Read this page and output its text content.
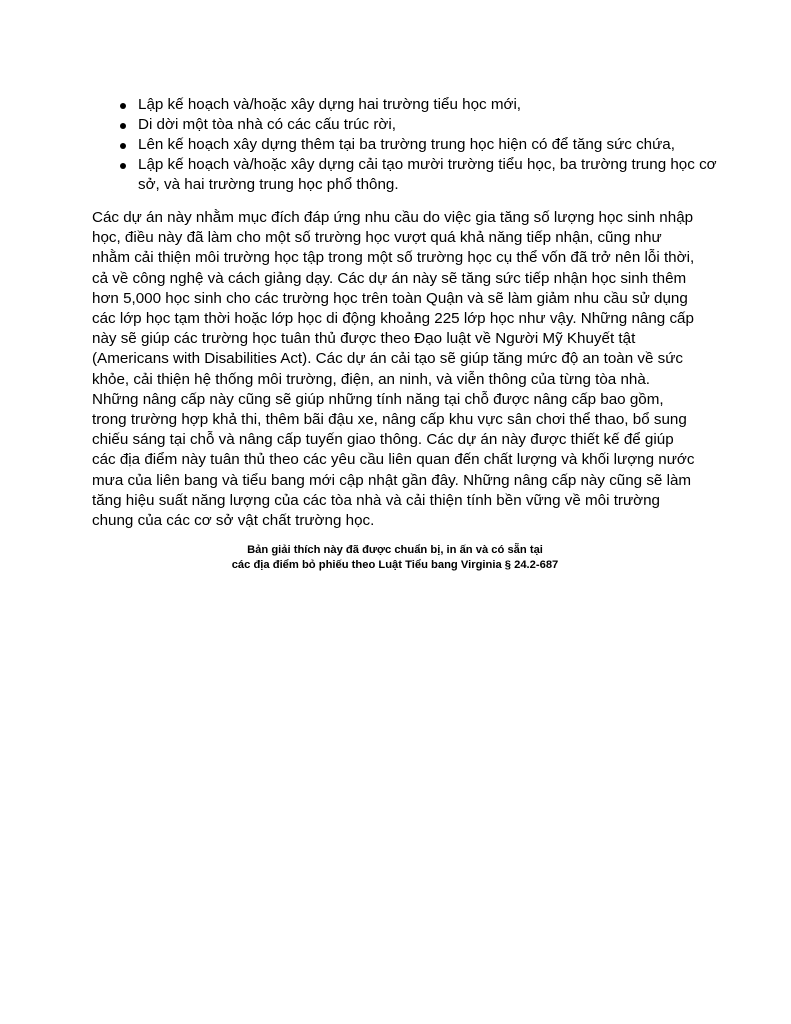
Lập kế hoạch và/hoặc xây dựng hai trường tiểu học mới,
Di dời một tòa nhà có các cấu trúc rời,
Lên kế hoạch xây dựng thêm tại ba trường trung học hiện có để tăng sức chứa,
Lập kế hoạch và/hoặc xây dựng cải tạo mười trường tiểu học, ba trường trung học cơ sở, và hai trường trung học phổ thông.

Các dự án này nhằm mục đích đáp ứng nhu cầu do việc gia tăng số lượng học sinh nhập học, điều này đã làm cho một số trường học vượt quá khả năng tiếp nhận, cũng như nhằm cải thiện môi trường học tập trong một số trường học cụ thể vốn đã trở nên lỗi thời, cả về công nghệ và cách giảng dạy. Các dự án này sẽ tăng sức tiếp nhận học sinh thêm hơn 5,000 học sinh cho các trường học trên toàn Quận và sẽ làm giảm nhu cầu sử dụng các lớp học tạm thời hoặc lớp học di động khoảng 225 lớp học như vậy. Những nâng cấp này sẽ giúp các trường học tuân thủ được theo Đạo luật về Người Mỹ Khuyết tật (Americans with Disabilities Act). Các dự án cải tạo sẽ giúp tăng mức độ an toàn về sức khỏe, cải thiện hệ thống môi trường, điện, an ninh, và viễn thông của từng tòa nhà. Những nâng cấp này cũng sẽ giúp những tính năng tại chỗ được nâng cấp bao gồm, trong trường hợp khả thi, thêm bãi đậu xe, nâng cấp khu vực sân chơi thể thao, bổ sung chiếu sáng tại chỗ và nâng cấp tuyến giao thông. Các dự án này được thiết kế để giúp các địa điểm này tuân thủ theo các yêu cầu liên quan đến chất lượng và khối lượng nước mưa của liên bang và tiểu bang mới cập nhật gần đây. Những nâng cấp này cũng sẽ làm tăng hiệu suất năng lượng của các tòa nhà và cải thiện tính bền vững về môi trường chung của các cơ sở vật chất trường học.

Bản giải thích này đã được chuẩn bị, in ấn và có sẵn tại
các địa điểm bỏ phiếu theo Luật Tiểu bang Virginia § 24.2-687
